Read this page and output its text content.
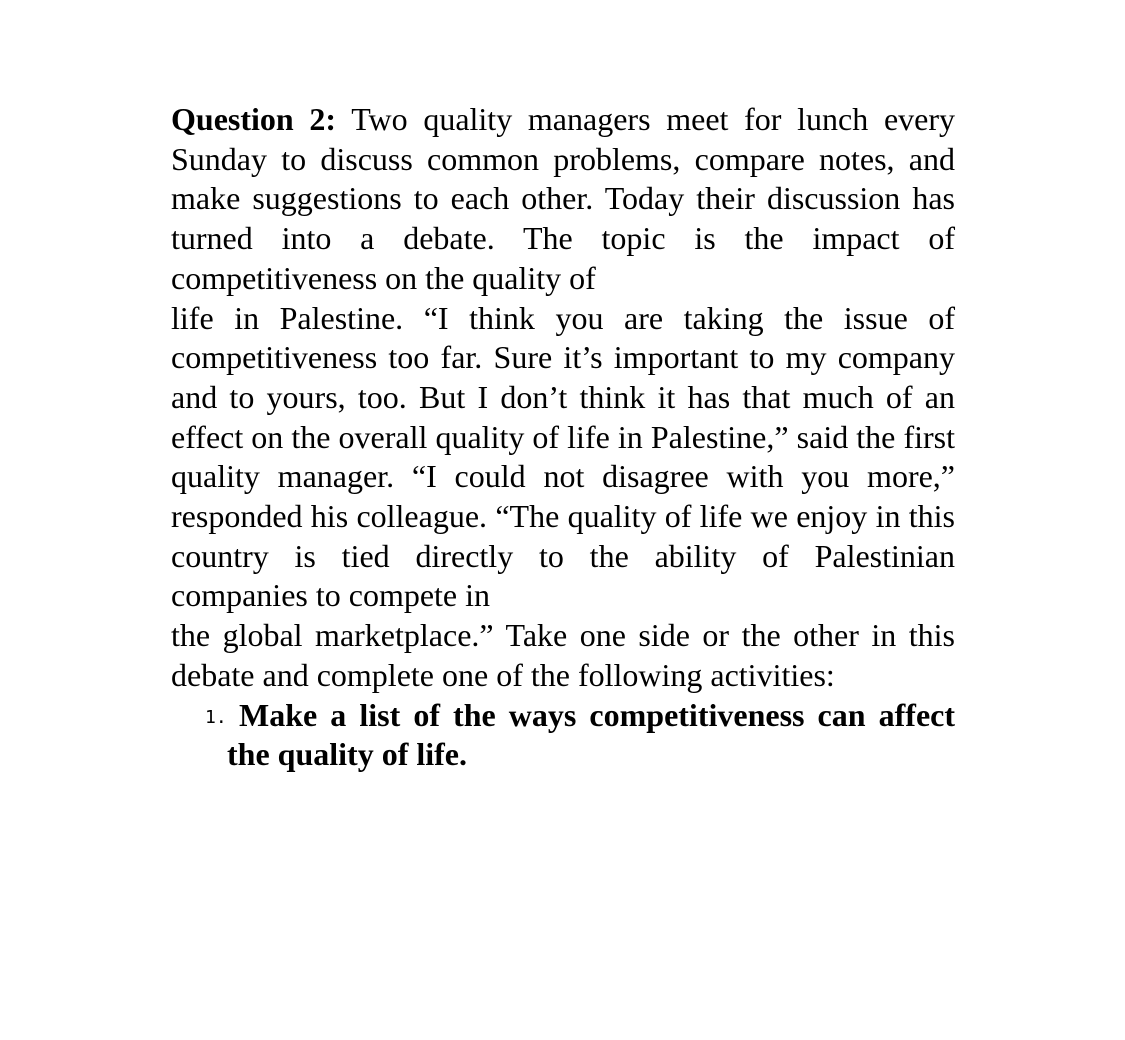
Question 2: Two quality managers meet for lunch every Sunday to discuss common problems, compare notes, and make suggestions to each other. Today their discussion has turned into a debate. The topic is the impact of competitiveness on the quality of

life in Palestine. “I think you are taking the issue of competitiveness too far. Sure it’s important to my company and to yours, too. But I don’t think it has that much of an effect on the overall quality of life in Palestine,” said the first quality manager. “I could not disagree with you more,” responded his colleague. “The quality of life we enjoy in this country is tied directly to the ability of Palestinian companies to compete in

the global marketplace.” Take one side or the other in this debate and complete one of the following activities:

1. Make a list of the ways competitiveness can affect the quality of life.
